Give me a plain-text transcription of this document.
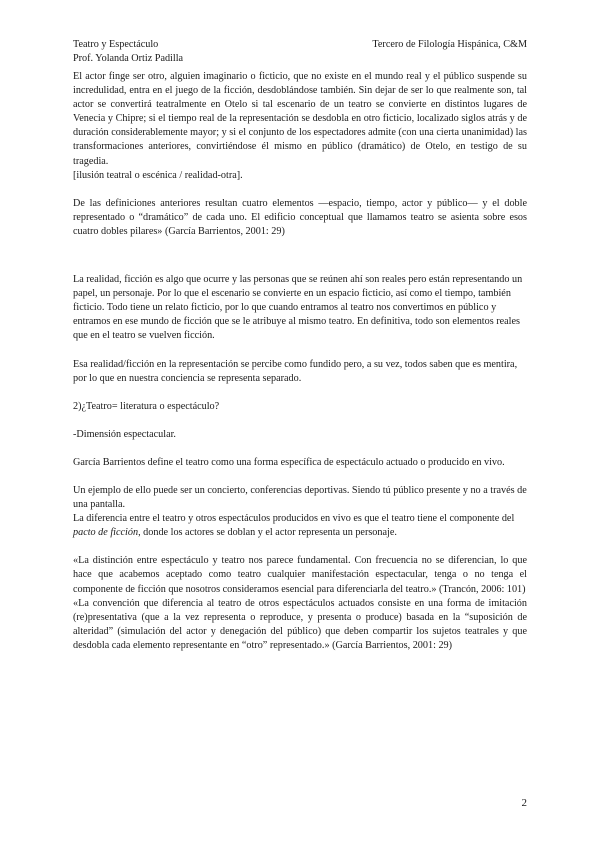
Teatro y Espectáculo
Prof. Yolanda Ortiz Padilla
Tercero de Filología Hispánica, C&M

El actor finge ser otro, alguien imaginario o ficticio, que no existe en el mundo real y el público suspende su incredulidad, entra en el juego de la ficción, desdoblándose también. Sin dejar de ser lo que realmente son, tal actor se convertirá teatralmente en Otelo si tal escenario de un teatro se convierte en distintos lugares de Venecia y Chipre; si el tiempo real de la representación se desdobla en otro ficticio, localizado siglos atrás y de duración considerablemente mayor; y si el conjunto de los espectadores admite (con una cierta unanimidad) las transformaciones anteriores, convirtiéndose él mismo en público (dramático) de Otelo, en testigo de su tragedia.

[ilusión teatral o escénica / realidad-otra].

De las definiciones anteriores resultan cuatro elementos —espacio, tiempo, actor y público— y el doble representado o “dramático” de cada uno. El edificio conceptual que llamamos teatro se asienta sobre esos cuatro dobles pilares» (García Barrientos, 2001: 29)

La realidad, ficción es algo que ocurre y las personas que se reúnen ahí son reales pero están representando un papel, un personaje. Por lo que el escenario se convierte en un espacio ficticio, así como el tiempo, también ficticio. Todo tiene un relato ficticio, por lo que cuando entramos al teatro nos convertimos en público y entramos en ese mundo de ficción que se le atribuye al mismo teatro. En definitiva, todo son elementos reales que en el teatro se vuelven ficción.

Esa realidad/ficción en la representación se percibe como fundido pero, a su vez, todos saben que es mentira, por lo que en nuestra conciencia se representa separado.

2)¿Teatro= literatura o espectáculo?

-Dimensión espectacular.

García Barrientos define el teatro como una forma específica de espectáculo actuado o producido en vivo.

Un ejemplo de ello puede ser un concierto, conferencias deportivas. Siendo tú público presente y no a través de una pantalla.

La diferencia entre el teatro y otros espectáculos producidos en vivo es que el teatro tiene el componente del pacto de ficción, donde los actores se doblan y el actor representa un personaje.

«La distinción entre espectáculo y teatro nos parece fundamental. Con frecuencia no se diferencian, lo que hace que acabemos aceptado como teatro cualquier manifestación espectacular, tenga o no tenga el componente de ficción que nosotros consideramos esencial para diferenciarla del teatro.» (Trancón, 2006: 101)

«La convención que diferencia al teatro de otros espectáculos actuados consiste en una forma de imitación (re)presentativa (que a la vez representa o reproduce, y presenta o produce) basada en la “suposición de alteridad” (simulación del actor y denegación del público) que deben compartir los sujetos teatrales y que desdobla cada elemento representante en “otro” representado.» (García Barrientos, 2001: 29)

2
